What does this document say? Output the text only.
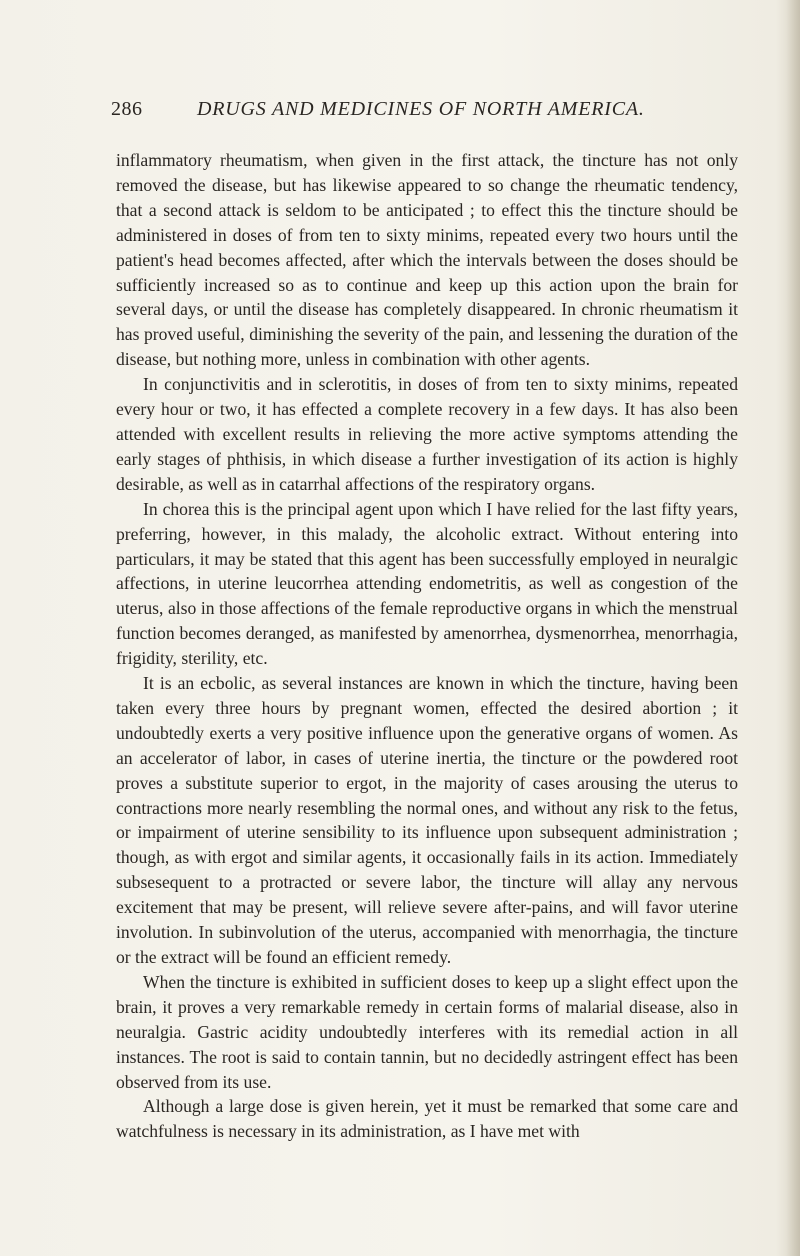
286	DRUGS AND MEDICINES OF NORTH AMERICA.

inflammatory rheumatism, when given in the first attack, the tincture has not only removed the disease, but has likewise appeared to so change the rheumatic tendency, that a second attack is seldom to be anticipated ; to effect this the tincture should be administered in doses of from ten to sixty minims, repeated every two hours until the patient's head becomes affected, after which the intervals between the doses should be sufficiently increased so as to continue and keep up this action upon the brain for several days, or until the disease has completely disappeared. In chronic rheumatism it has proved useful, diminishing the severity of the pain, and lessening the duration of the disease, but nothing more, unless in combination with other agents.

In conjunctivitis and in sclerotitis, in doses of from ten to sixty minims, repeated every hour or two, it has effected a complete recovery in a few days. It has also been attended with excellent results in relieving the more active symptoms attending the early stages of phthisis, in which disease a further investigation of its action is highly desirable, as well as in catarrhal affections of the respiratory organs.

In chorea this is the principal agent upon which I have relied for the last fifty years, preferring, however, in this malady, the alcoholic extract. Without entering into particulars, it may be stated that this agent has been successfully employed in neuralgic affections, in uterine leucorrhea attending endometritis, as well as congestion of the uterus, also in those affections of the female reproductive organs in which the menstrual function becomes deranged, as manifested by amenorrhea, dysmenorrhea, menorrhagia, frigidity, sterility, etc.

It is an ecbolic, as several instances are known in which the tincture, having been taken every three hours by pregnant women, effected the desired abortion ; it undoubtedly exerts a very positive influence upon the generative organs of women. As an accelerator of labor, in cases of uterine inertia, the tincture or the powdered root proves a substitute superior to ergot, in the majority of cases arousing the uterus to contractions more nearly resembling the normal ones, and without any risk to the fetus, or impairment of uterine sensibility to its influence upon subsequent administration ; though, as with ergot and similar agents, it occasionally fails in its action. Immediately subsesequent to a protracted or severe labor, the tincture will allay any nervous excitement that may be present, will relieve severe after-pains, and will favor uterine involution. In subinvolution of the uterus, accompanied with menorrhagia, the tincture or the extract will be found an efficient remedy.

When the tincture is exhibited in sufficient doses to keep up a slight effect upon the brain, it proves a very remarkable remedy in certain forms of malarial disease, also in neuralgia. Gastric acidity undoubtedly interferes with its remedial action in all instances. The root is said to contain tannin, but no decidedly astringent effect has been observed from its use.

Although a large dose is given herein, yet it must be remarked that some care and watchfulness is necessary in its administration, as I have met with
